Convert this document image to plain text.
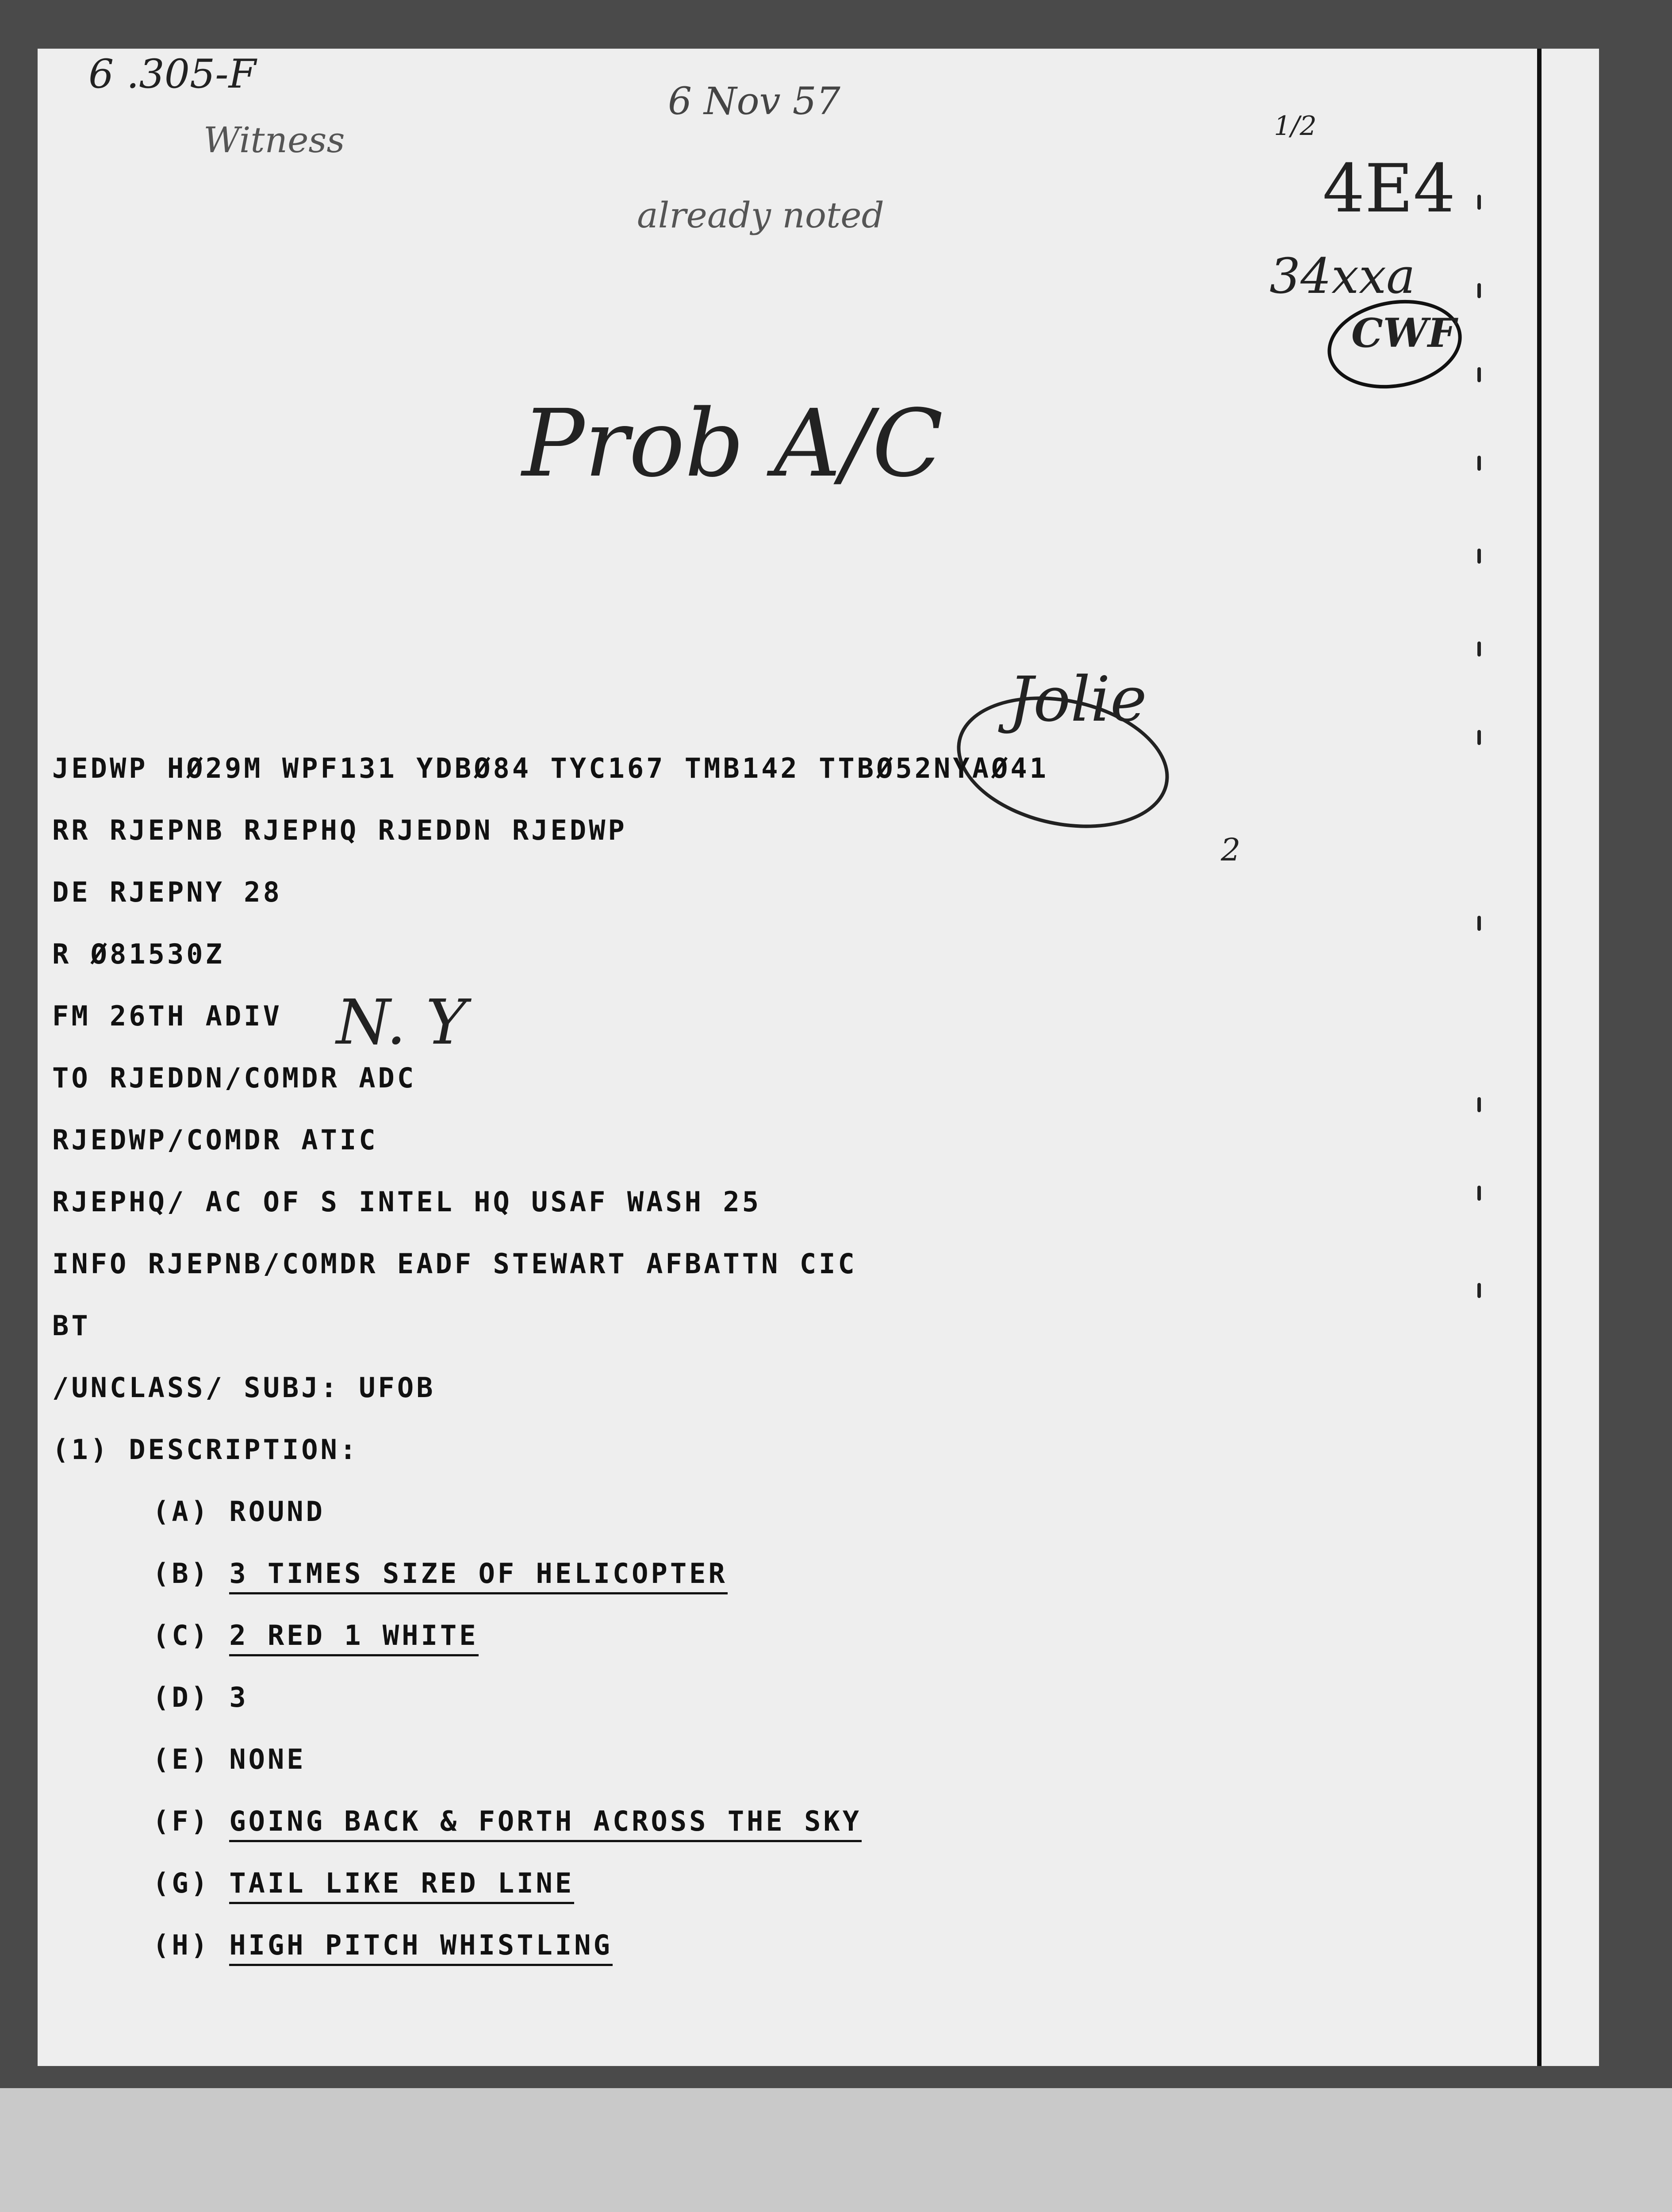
6 .305-F
Witness
6 Nov 57
already noted
1/2
4E4
34xxa
CWF
Prob A/C
Jolie
2
N. Y
JEDWP HØ29M WPF131 YDBØ84 TYC167 TMB142 TTBØ52NYAØ41
RR RJEPNB RJEPHQ RJEDDN RJEDWP
DE RJEPNY 28
R Ø81530Z
FM 26TH ADIV
TO RJEDDN/COMDR ADC
RJEDWP/COMDR ATIC
RJEPHQ/ AC OF S INTEL HQ USAF WASH 25
INFO RJEPNB/COMDR EADF STEWART AFBATTN CIC
BT
/UNCLASS/ SUBJ: UFOB
(1) DESCRIPTION:
(A) ROUND
(B) 3 TIMES SIZE OF HELICOPTER
(C) 2 RED 1 WHITE
(D) 3
(E) NONE
(F) GOING BACK & FORTH ACROSS THE SKY
(G) TAIL LIKE RED LINE
(H) HIGH PITCH WHISTLING
